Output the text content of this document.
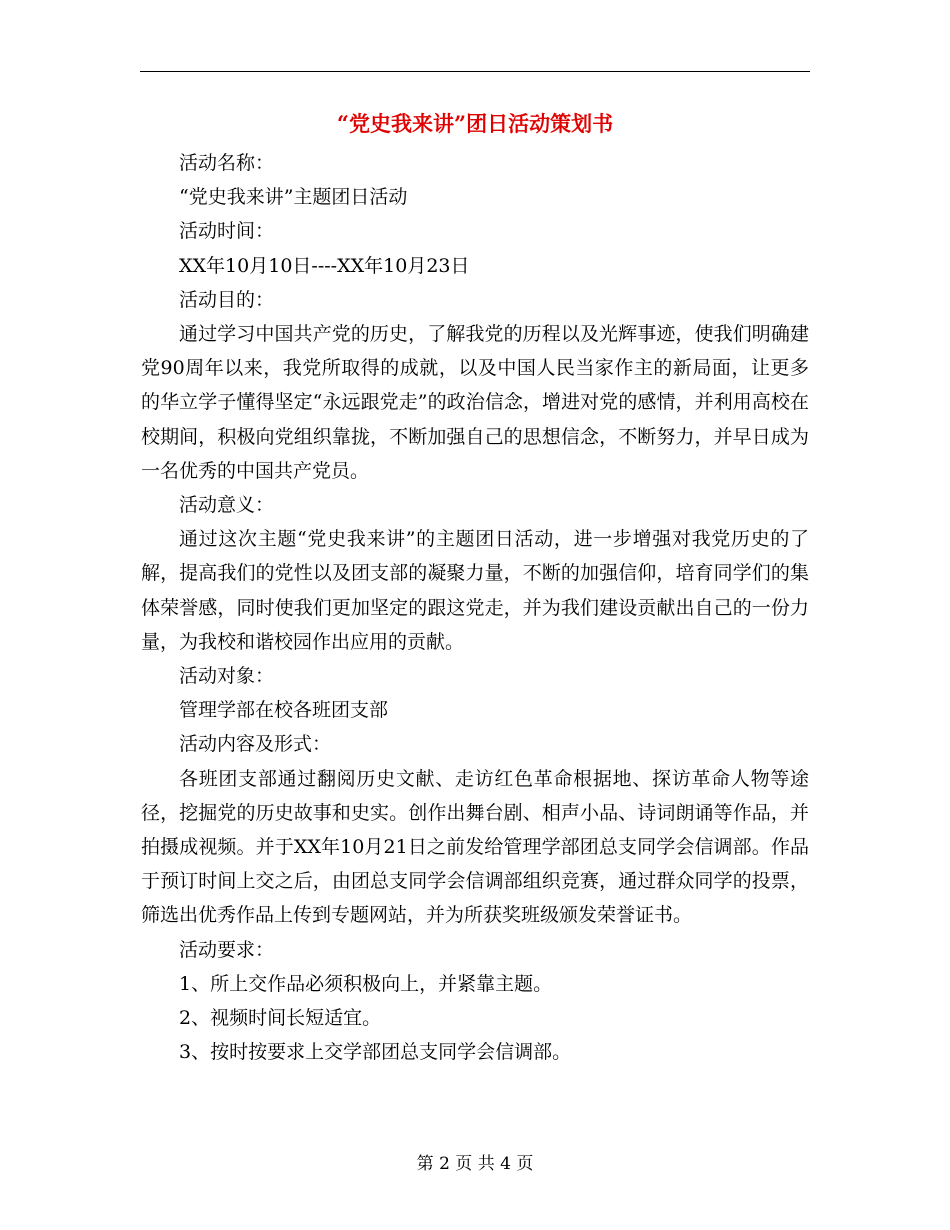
“党史我来讲”团日活动策划书

活动名称：

“党史我来讲”主题团日活动

活动时间：

XX年10月10日----XX年10月23日

活动目的：

通过学习中国共产党的历史，了解我党的历程以及光辉事迹，使我们明确建党90周年以来，我党所取得的成就，以及中国人民当家作主的新局面，让更多的华立学子懂得坚定“永远跟党走”的政治信念，增进对党的感情，并利用高校在校期间，积极向党组织靠拢，不断加强自己的思想信念，不断努力，并早日成为一名优秀的中国共产党员。

活动意义：

通过这次主题“党史我来讲”的主题团日活动，进一步增强对我党历史的了解，提高我们的党性以及团支部的凝聚力量，不断的加强信仰，培育同学们的集体荣誉感，同时使我们更加坚定的跟这党走，并为我们建设贡献出自己的一份力量，为我校和谐校园作出应用的贡献。

活动对象：

管理学部在校各班团支部

活动内容及形式：

各班团支部通过翻阅历史文献、走访红色革命根据地、探访革命人物等途径，挖掘党的历史故事和史实。创作出舞台剧、相声小品、诗词朗诵等作品，并拍摄成视频。并于XX年10月21日之前发给管理学部团总支同学会信调部。作品于预订时间上交之后，由团总支同学会信调部组织竞赛，通过群众同学的投票，筛选出优秀作品上传到专题网站，并为所获奖班级颁发荣誉证书。

活动要求：

1、所上交作品必须积极向上，并紧靠主题。

2、视频时间长短适宜。

3、按时按要求上交学部团总支同学会信调部。

第 2 页 共 4 页
